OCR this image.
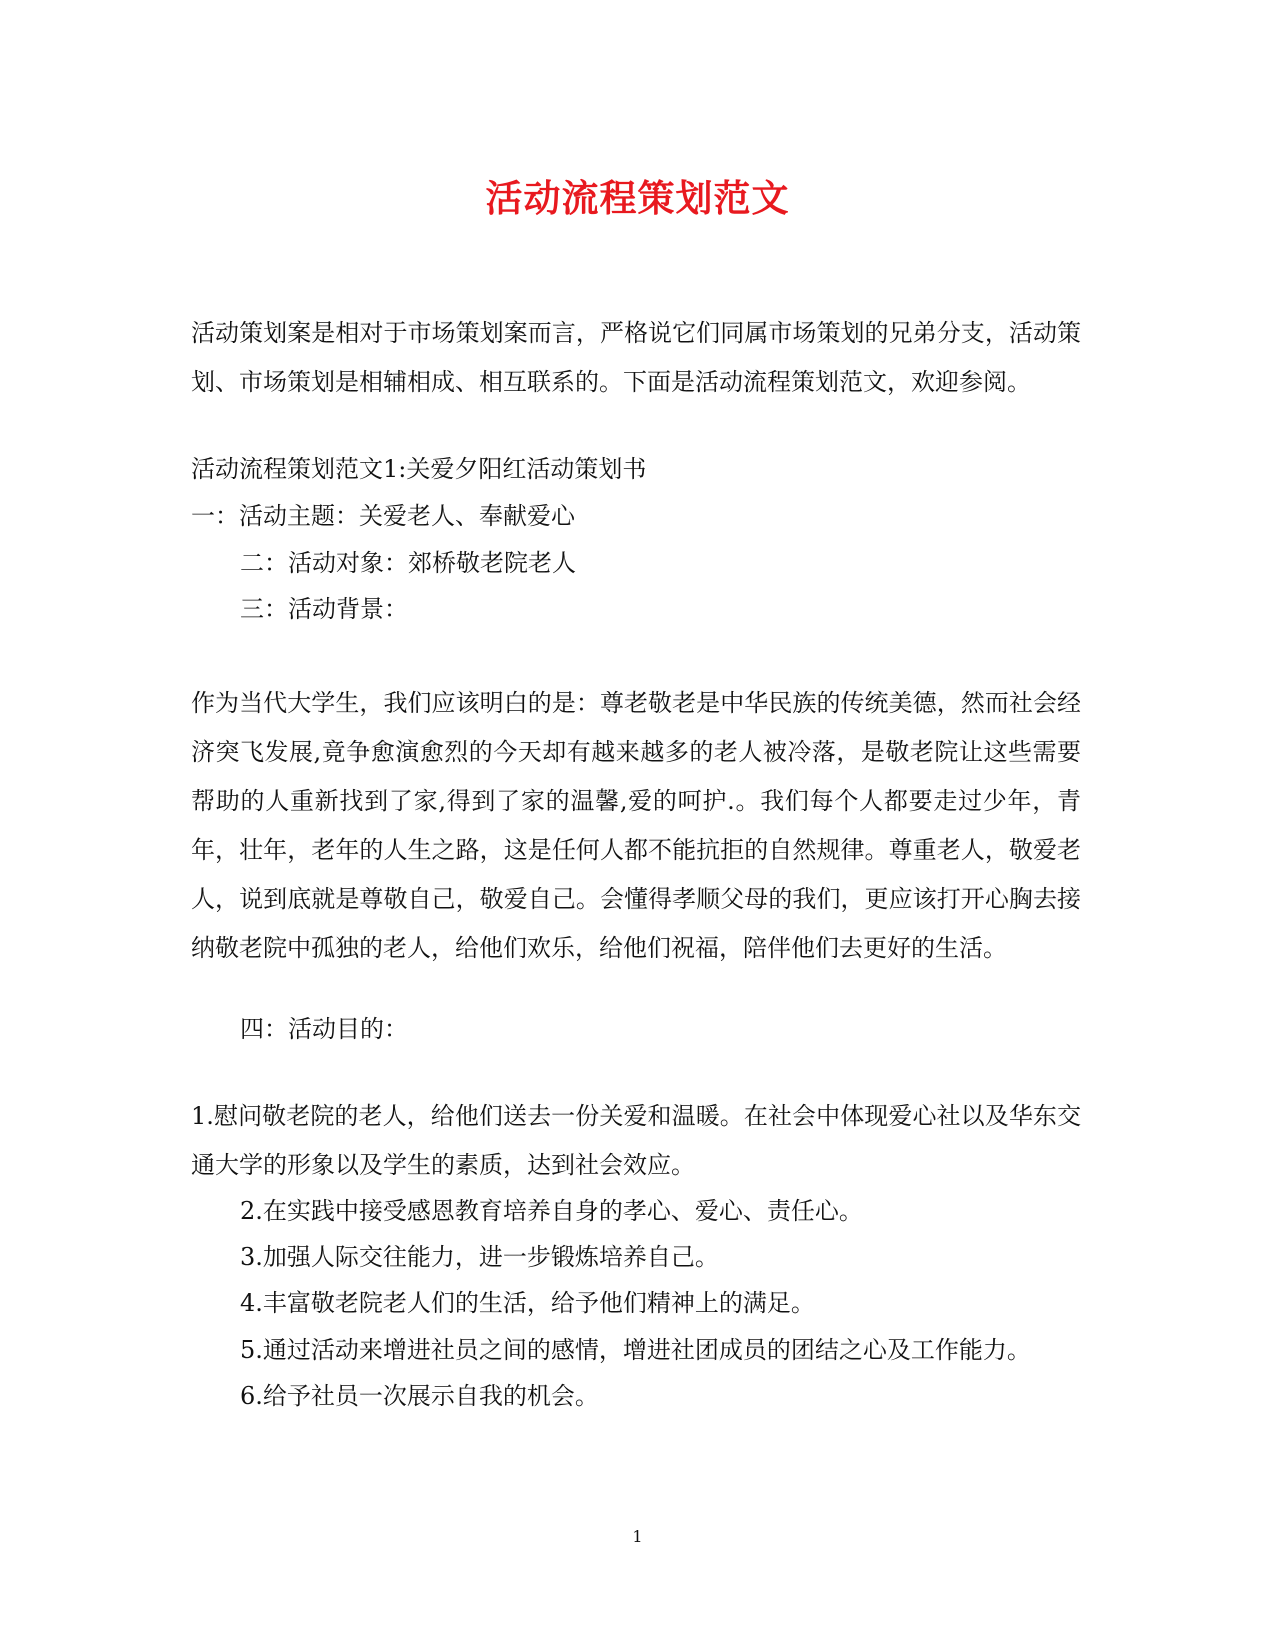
活动流程策划范文

活动策划案是相对于市场策划案而言，严格说它们同属市场策划的兄弟分支，活动策划、市场策划是相辅相成、相互联系的。下面是活动流程策划范文，欢迎参阅。

活动流程策划范文1:关爱夕阳红活动策划书
一：活动主题：关爱老人、奉献爱心
二：活动对象：郊桥敬老院老人
三：活动背景：

作为当代大学生，我们应该明白的是：尊老敬老是中华民族的传统美德，然而社会经济突飞发展,竟争愈演愈烈的今天却有越来越多的老人被冷落，是敬老院让这些需要帮助的人重新找到了家,得到了家的温馨,爱的呵护.。我们每个人都要走过少年，青年，壮年，老年的人生之路，这是任何人都不能抗拒的自然规律。尊重老人，敬爱老人，说到底就是尊敬自己，敬爱自己。会懂得孝顺父母的我们，更应该打开心胸去接纳敬老院中孤独的老人，给他们欢乐，给他们祝福，陪伴他们去更好的生活。

四：活动目的：

1.慰问敬老院的老人，给他们送去一份关爱和温暖。在社会中体现爱心社以及华东交通大学的形象以及学生的素质，达到社会效应。

2.在实践中接受感恩教育培养自身的孝心、爱心、责任心。
3.加强人际交往能力，进一步锻炼培养自己。
4.丰富敬老院老人们的生活，给予他们精神上的满足。
5.通过活动来增进社员之间的感情，增进社团成员的团结之心及工作能力。
6.给予社员一次展示自我的机会。
1
